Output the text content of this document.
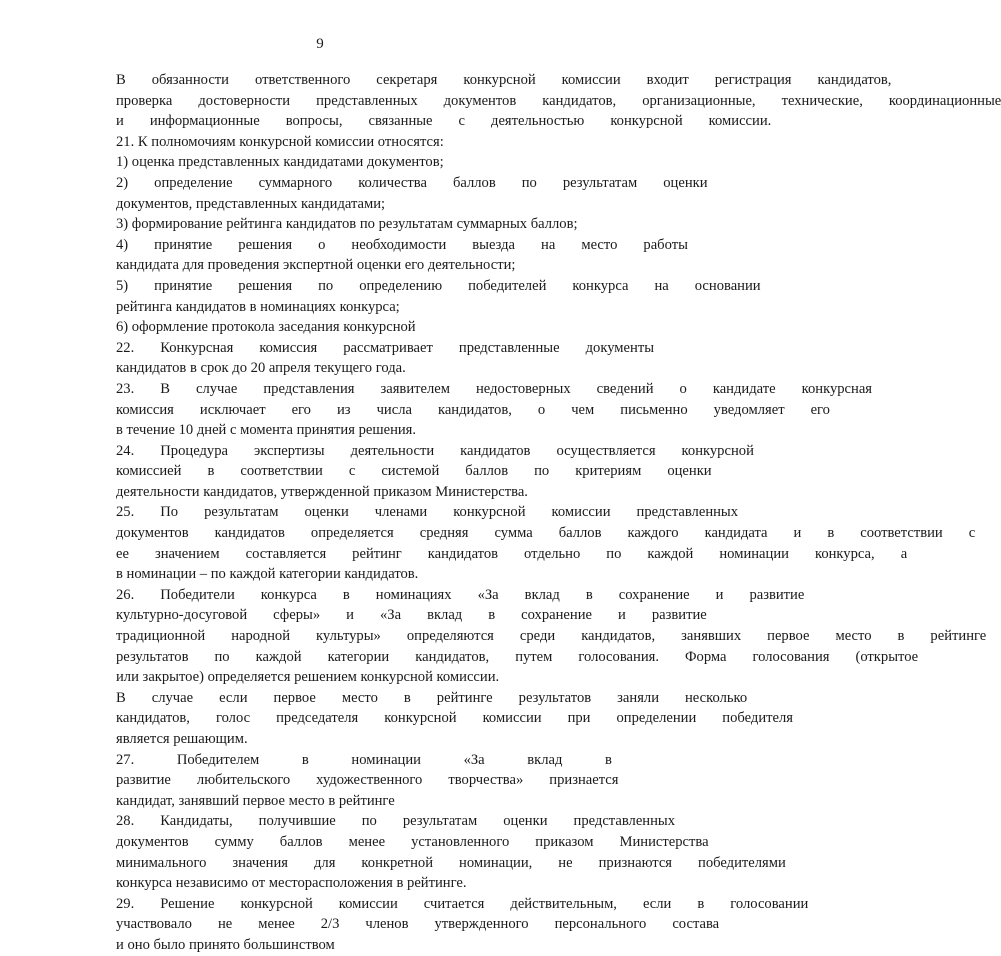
9

В	обязанности	ответственного	секретаря	конкурсной	комиссии	входит	регистрация	кандидатов,
проверка	достоверности	представленных	документов	кандидатов,	организационные,	технические,	координационные
и	информационные	вопросы,	связанные	с	деятельностью	конкурсной	комиссии.

21. К полномочиям конкурсной комиссии относятся:

1) оценка представленных кандидатами документов;

2)	определение	суммарного	количества	баллов	по	результатам	оценки
документов, представленных кандидатами;

3) формирование рейтинга кандидатов по результатам суммарных баллов;

4)	принятие	решения	о	необходимости	выезда	на	место	работы
кандидата для проведения экспертной оценки его деятельности;

5)	принятие	решения	по	определению	победителей	конкурса	на	основании
рейтинга кандидатов в номинациях конкурса;

6) оформление протокола заседания конкурсной

22.	Конкурсная	комиссия	рассматривает	представленные	документы
кандидатов в срок до 20 апреля текущего года.

23.	В	случае	представления	заявителем	недостоверных	сведений	о	кандидате	конкурсная
комиссия	исключает	его	из	числа	кандидатов,	о	чем	письменно	уведомляет	его
в течение 10 дней с момента принятия решения.

24.	Процедура	экспертизы	деятельности	кандидатов	осуществляется	конкурсной
комиссией	в	соответствии	с	системой	баллов	по	критериям	оценки
деятельности кандидатов, утвержденной приказом Министерства.

25.	По	результатам	оценки	членами	конкурсной	комиссии	представленных
документов	кандидатов	определяется	средняя	сумма	баллов	каждого	кандидата	и	в	соответствии	с
ее	значением	составляется	рейтинг	кандидатов	отдельно	по	каждой	номинации	конкурса,	а
в номинации – по каждой категории кандидатов.

26.	Победители	конкурса	в	номинациях	«За	вклад	в	сохранение	и	развитие
культурно-досуговой	сферы»	и	«За	вклад	в	сохранение	и	развитие
традиционной	народной	культуры»	определяются	среди	кандидатов,	занявших	первое	место	в	рейтинге
результатов	по	каждой	категории	кандидатов,	путем	голосования.	Форма	голосования	(открытое
или закрытое) определяется решением конкурсной комиссии.

В	случае	если	первое	место	в	рейтинге	результатов	заняли	несколько
кандидатов,	голос	председателя	конкурсной	комиссии	при	определении	победителя
является решающим.

27.	Победителем	в	номинации	«За	вклад	в
развитие	любительского	художественного	творчества»	признается
кандидат, занявший первое место в рейтинге

28.	Кандидаты,	получившие	по	результатам	оценки	представленных
документов	сумму	баллов	менее	установленного	приказом	Министерства
минимального	значения	для	конкретной	номинации,	не	признаются	победителями
конкурса независимо от месторасположения в рейтинге.

29.	Решение	конкурсной	комиссии	считается	действительным,	если	в	голосовании
участвовало	не	менее	2/3	членов	утвержденного	персонального	состава
и оно было принято большинством
